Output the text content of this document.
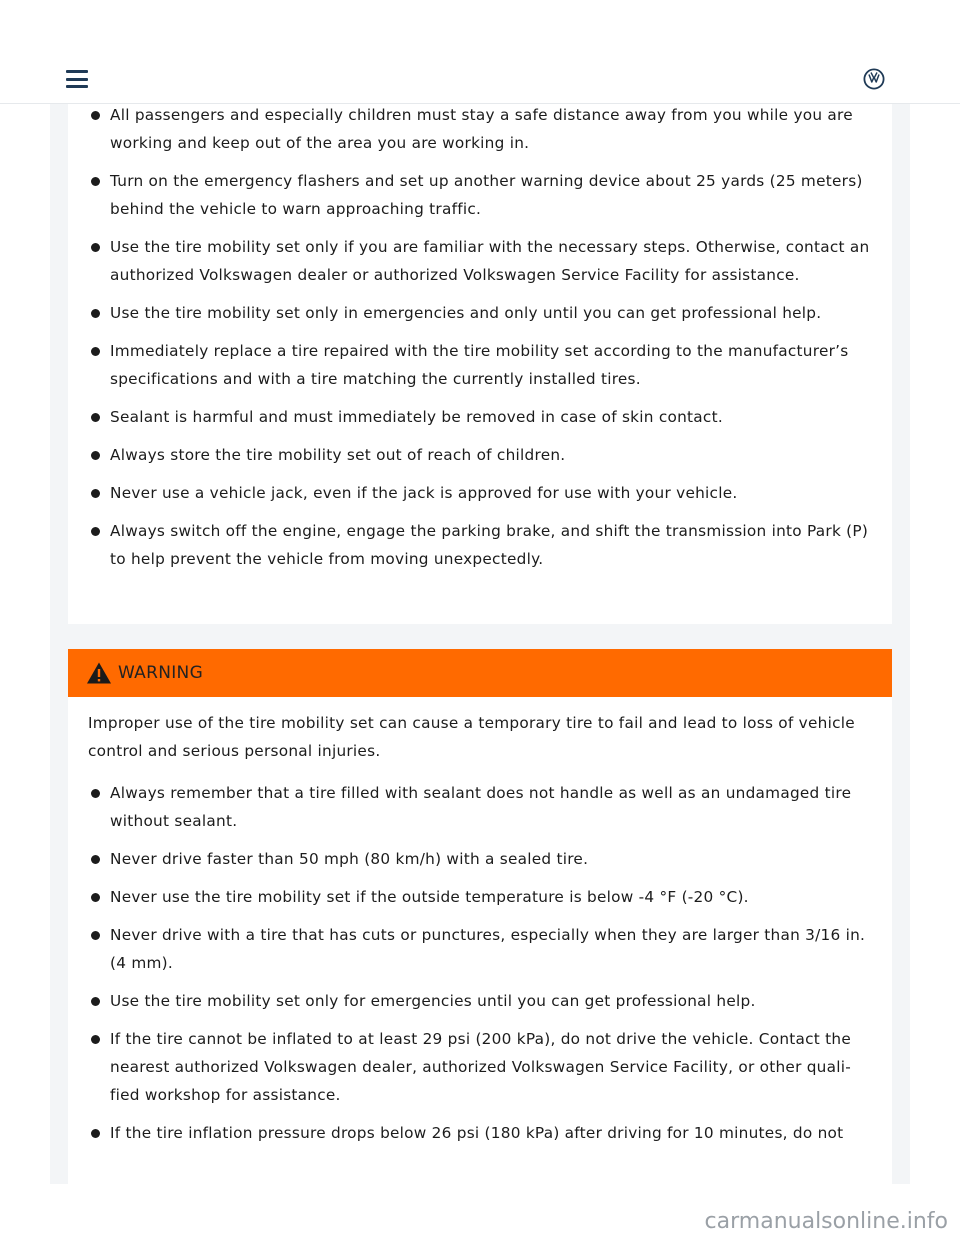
All passengers and especially children must stay a safe distance away from you while you are working and keep out of the area you are working in.
Turn on the emergency flashers and set up another warning device about 25 yards (25 meters) behind the vehicle to warn approaching traffic.
Use the tire mobility set only if you are familiar with the necessary steps. Otherwise, contact an authorized Volkswagen dealer or authorized Volkswagen Service Facility for assistance.
Use the tire mobility set only in emergencies and only until you can get professional help.
Immediately replace a tire repaired with the tire mobility set according to the manufacturer’s specifications and with a tire matching the currently installed tires.
Sealant is harmful and must immediately be removed in case of skin contact.
Always store the tire mobility set out of reach of children.
Never use a vehicle jack, even if the jack is approved for use with your vehicle.
Always switch off the engine, engage the parking brake, and shift the transmission into Park (P) to help prevent the vehicle from moving unexpectedly.
WARNING

Improper use of the tire mobility set can cause a temporary tire to fail and lead to loss of vehicle control and serious personal injuries.

Always remember that a tire filled with sealant does not handle as well as an undamaged tire without sealant.
Never drive faster than 50 mph (80 km/h) with a sealed tire.
Never use the tire mobility set if the outside temperature is below -4 °F (-20 °C).
Never drive with a tire that has cuts or punctures, especially when they are larger than 3/16 in. (4 mm).
Use the tire mobility set only for emergencies until you can get professional help.
If the tire cannot be inflated to at least 29 psi (200 kPa), do not drive the vehicle. Contact the nearest authorized Volkswagen dealer, authorized Volkswagen Service Facility, or other quali-fied workshop for assistance.
If the tire inflation pressure drops below 26 psi (180 kPa) after driving for 10 minutes, do not
carmanualsonline.info
